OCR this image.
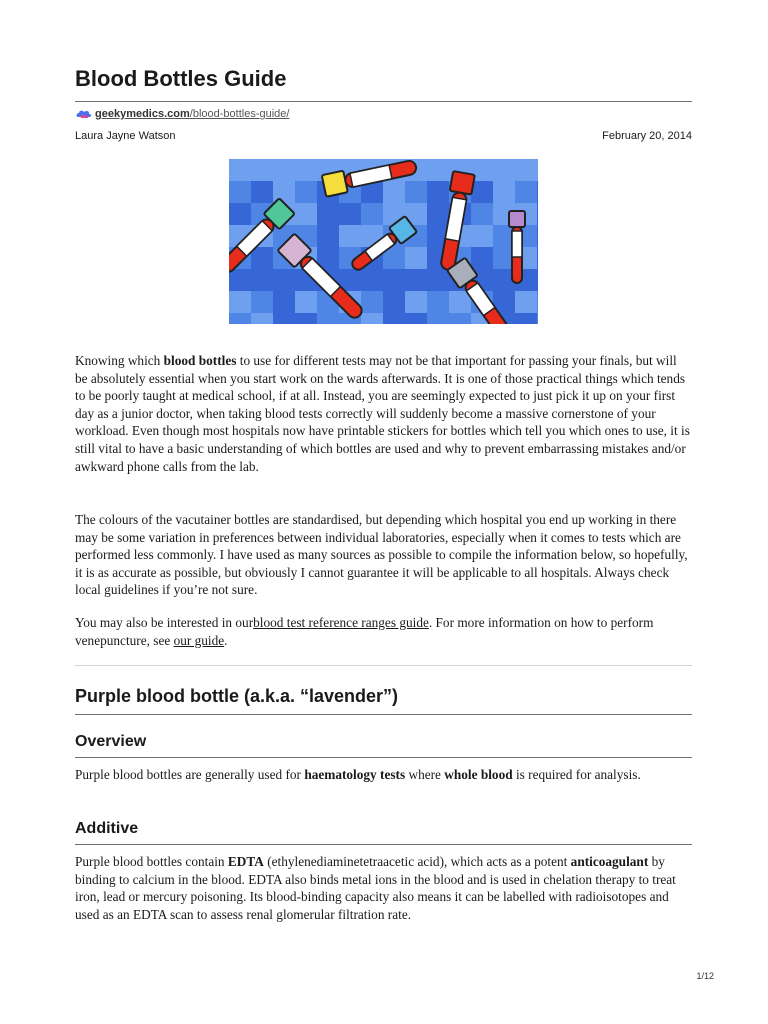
Blood Bottles Guide
geekymedics.com/blood-bottles-guide/
Laura Jayne Watson	February 20, 2014

Knowing which blood bottles to use for different tests may not be that important for passing your finals, but will be absolutely essential when you start work on the wards afterwards. It is one of those practical things which tends to be poorly taught at medical school, if at all. Instead, you are seemingly expected to just pick it up on your first day as a junior doctor, when taking blood tests correctly will suddenly become a massive cornerstone of your workload. Even though most hospitals now have printable stickers for bottles which tell you which ones to use, it is still vital to have a basic understanding of which bottles are used and why to prevent embarrassing mistakes and/or awkward phone calls from the lab.

The colours of the vacutainer bottles are standardised, but depending which hospital you end up working in there may be some variation in preferences between individual laboratories, especially when it comes to tests which are performed less commonly. I have used as many sources as possible to compile the information below, so hopefully, it is as accurate as possible, but obviously I cannot guarantee it will be applicable to all hospitals. Always check local guidelines if you’re not sure.

You may also be interested in ourblood test reference ranges guide. For more information on how to perform venepuncture, see our guide.

Purple blood bottle (a.k.a. “lavender”)
Overview

Purple blood bottles are generally used for haematology tests where whole blood is required for analysis.

Additive

Purple blood bottles contain EDTA (ethylenediaminetetraacetic acid), which acts as a potent anticoagulant by binding to calcium in the blood. EDTA also binds metal ions in the blood and is used in chelation therapy to treat iron, lead or mercury poisoning. Its blood-binding capacity also means it can be labelled with radioisotopes and used as an EDTA scan to assess renal glomerular filtration rate.

1/12
